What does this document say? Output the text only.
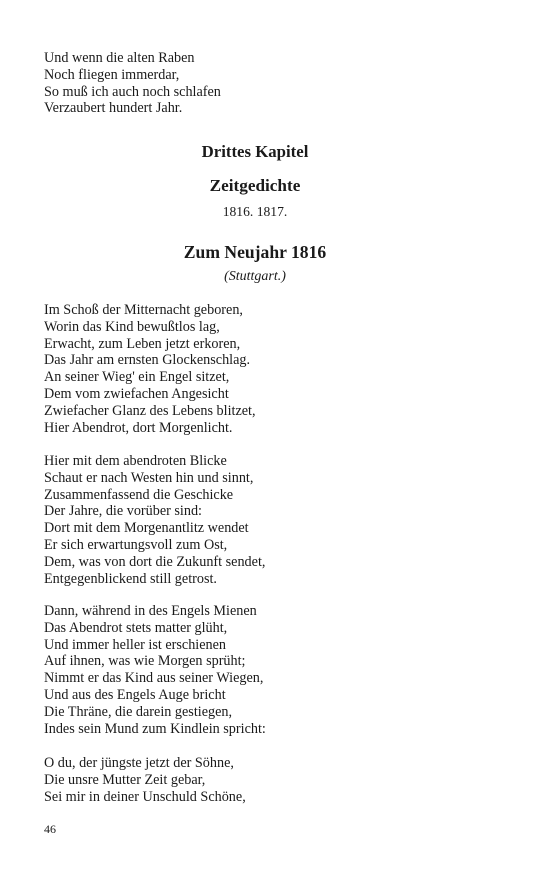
Und wenn die alten Raben
Noch fliegen immerdar,
So muß ich auch noch schlafen
Verzaubert hundert Jahr.
Drittes Kapitel
Zeitgedichte
1816. 1817.
Zum Neujahr 1816
(Stuttgart.)
Im Schoß der Mitternacht geboren,
Worin das Kind bewußtlos lag,
Erwacht, zum Leben jetzt erkoren,
Das Jahr am ernsten Glockenschlag.
An seiner Wieg' ein Engel sitzet,
Dem vom zwiefachen Angesicht
Zwiefacher Glanz des Lebens blitzet,
Hier Abendrot, dort Morgenlicht.
Hier mit dem abendroten Blicke
Schaut er nach Westen hin und sinnt,
Zusammenfassend die Geschicke
Der Jahre, die vorüber sind:
Dort mit dem Morgenantlitz wendet
Er sich erwartungsvoll zum Ost,
Dem, was von dort die Zukunft sendet,
Entgegenblickend still getrost.
Dann, während in des Engels Mienen
Das Abendrot stets matter glüht,
Und immer heller ist erschienen
Auf ihnen, was wie Morgen sprüht;
Nimmt er das Kind aus seiner Wiegen,
Und aus des Engels Auge bricht
Die Thräne, die darein gestiegen,
Indes sein Mund zum Kindlein spricht:
O du, der jüngste jetzt der Söhne,
Die unsre Mutter Zeit gebar,
Sei mir in deiner Unschuld Schöne,
46
